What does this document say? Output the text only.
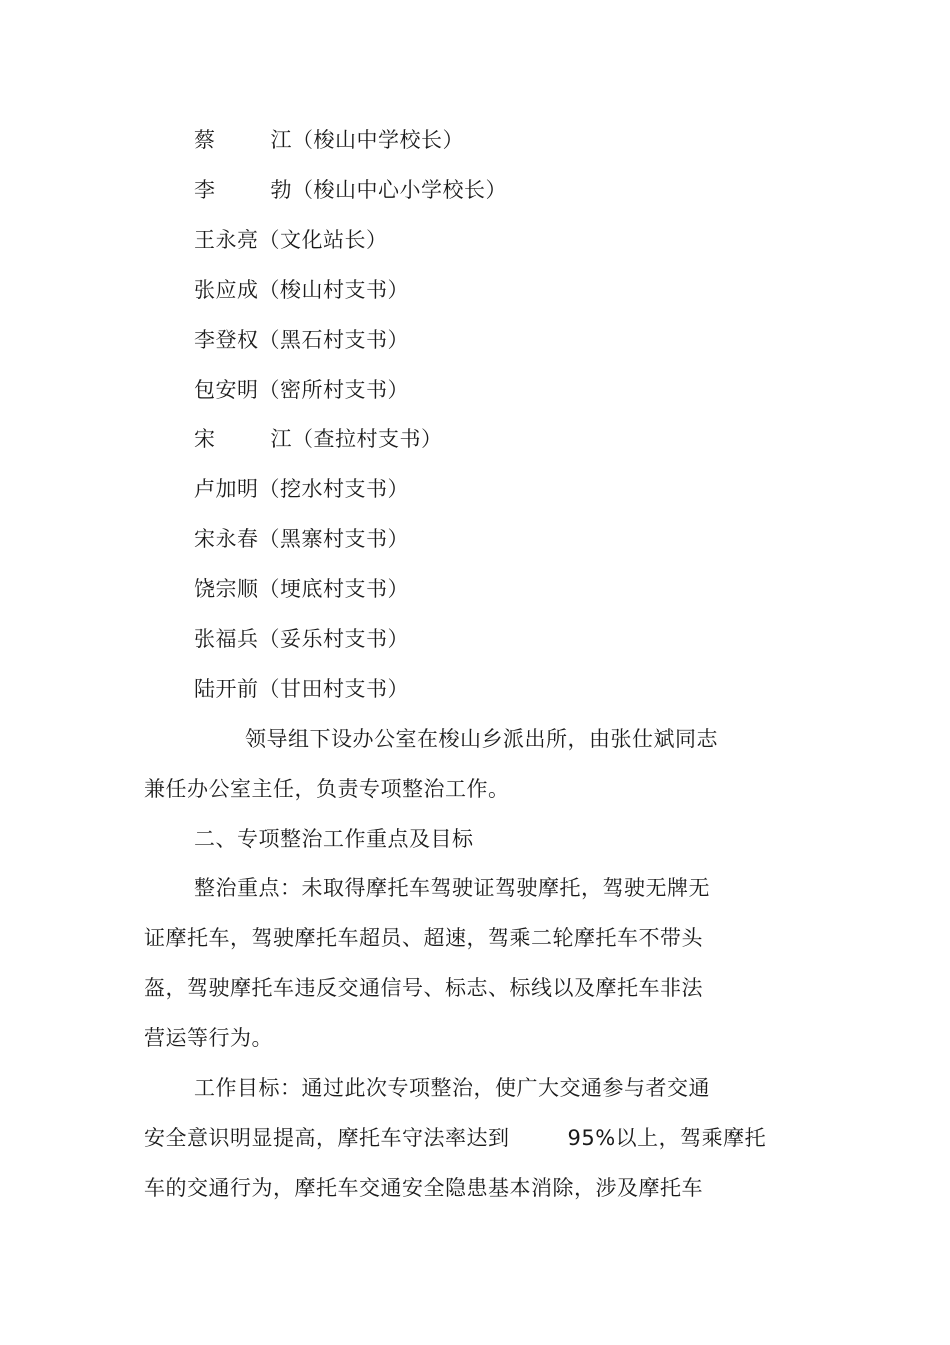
蔡	江（梭山中学校长）
李	勃（梭山中心小学校长）
王永亮（文化站长）
张应成（梭山村支书）
李登权（黑石村支书）
包安明（密所村支书）
宋	江（查拉村支书）
卢加明（挖水村支书）
宋永春（黑寨村支书）
饶宗顺（埂底村支书）
张福兵（妥乐村支书）
陆开前（甘田村支书）
领导组下设办公室在梭山乡派出所，由张仕斌同志
兼任办公室主任，负责专项整治工作。
二、专项整治工作重点及目标
整治重点：未取得摩托车驾驶证驾驶摩托，驾驶无牌无
证摩托车，驾驶摩托车超员、超速，驾乘二轮摩托车不带头
盔，驾驶摩托车违反交通信号、标志、标线以及摩托车非法
营运等行为。
工作目标：通过此次专项整治，使广大交通参与者交通
安全意识明显提高，摩托车守法率达到	95%以上，驾乘摩托
车的交通行为，摩托车交通安全隐患基本消除，涉及摩托车
